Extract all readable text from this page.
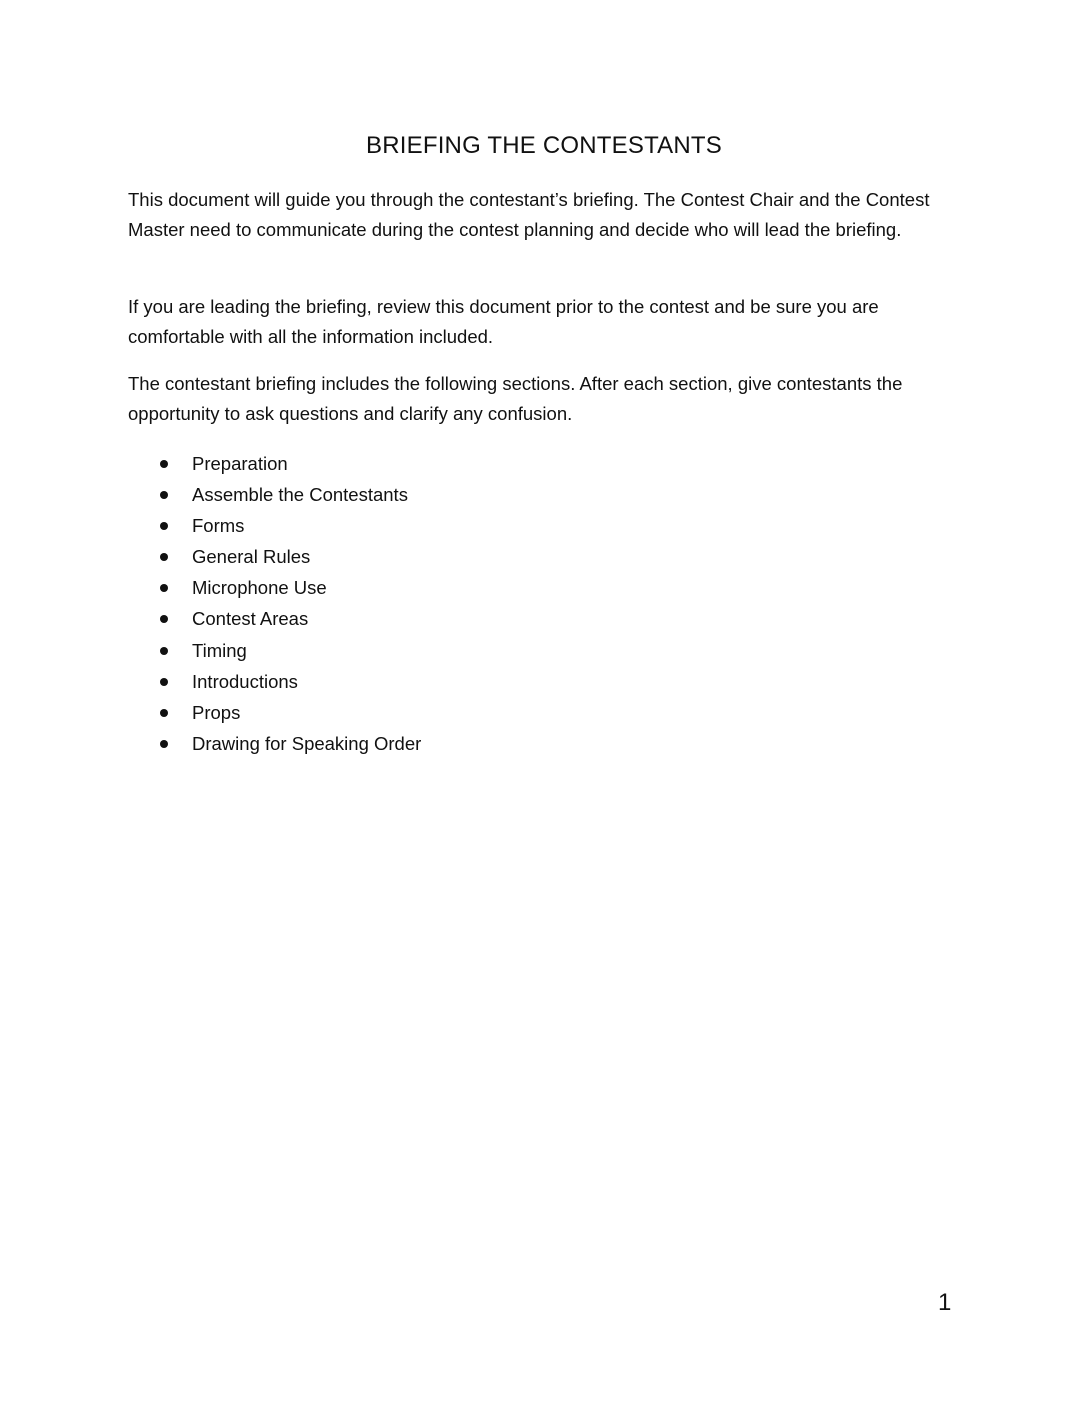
BRIEFING THE CONTESTANTS

This document will guide you through the contestant’s briefing. The Contest Chair and the Contest Master need to communicate during the contest planning and decide who will lead the briefing.

If you are leading the briefing, review this document prior to the contest and be sure you are comfortable with all the information included.

The contestant briefing includes the following sections. After each section, give contestants the opportunity to ask questions and clarify any confusion.

Preparation
Assemble the Contestants
Forms
General Rules
Microphone Use
Contest Areas
Timing
Introductions
Props
Drawing for Speaking Order
1
